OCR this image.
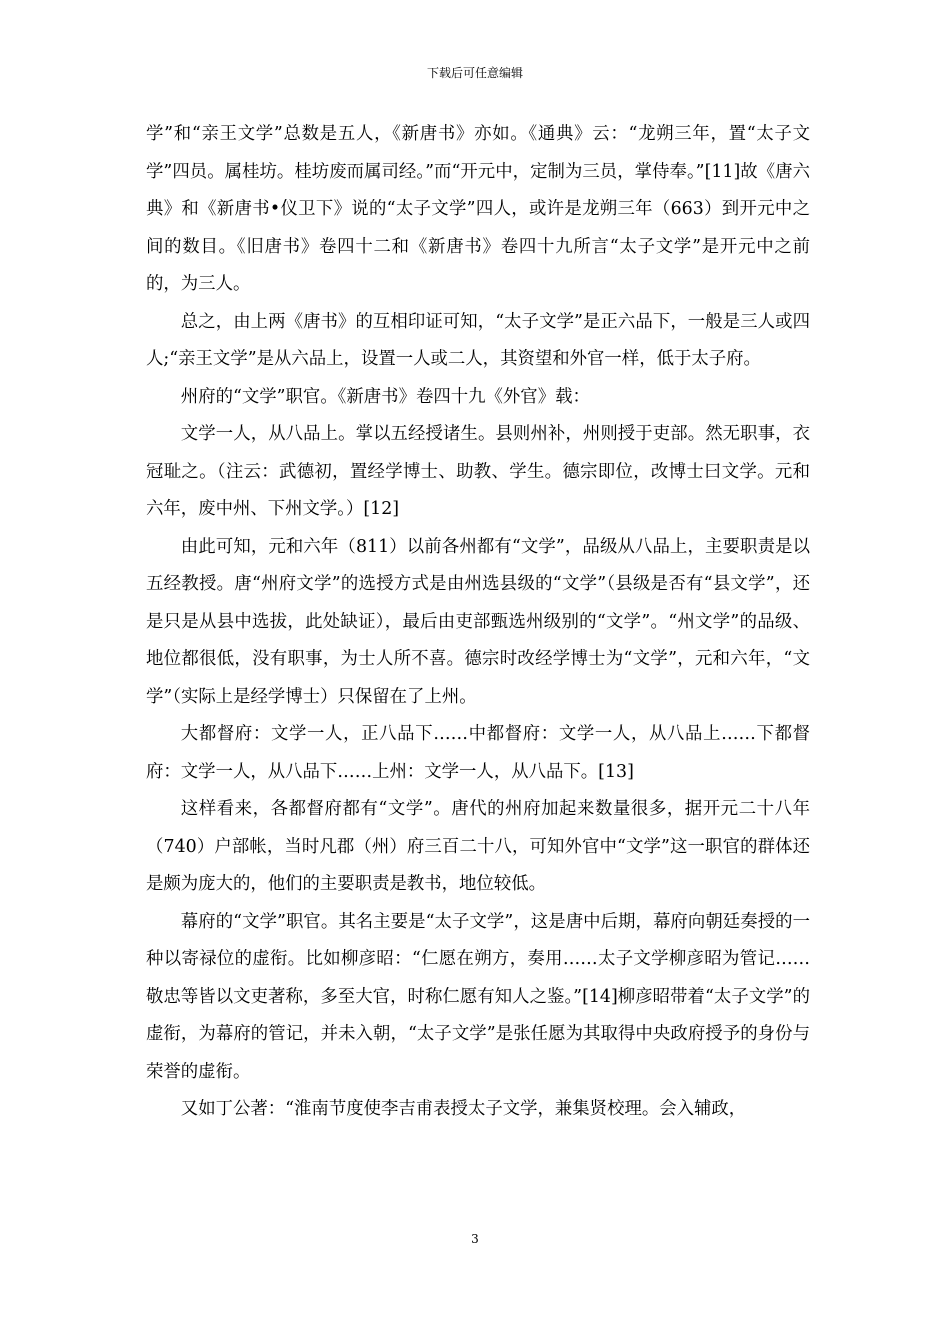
下载后可任意编辑

学”和“亲王文学”总数是五人，《新唐书》亦如。《通典》云：“龙朔三年，置“太子文学”四员。属桂坊。桂坊废而属司经。”而“开元中，定制为三员，掌侍奉。”[11]故《唐六典》和《新唐书•仪卫下》说的“太子文学”四人，或许是龙朔三年（663）到开元中之间的数目。《旧唐书》卷四十二和《新唐书》卷四十九所言“太子文学”是开元中之前的，为三人。

总之，由上两《唐书》的互相印证可知，“太子文学”是正六品下，一般是三人或四人;“亲王文学”是从六品上，设置一人或二人，其资望和外官一样，低于太子府。

州府的“文学”职官。《新唐书》卷四十九《外官》载：

文学一人，从八品上。掌以五经授诸生。县则州补，州则授于吏部。然无职事，衣冠耻之。（注云：武德初，置经学博士、助教、学生。德宗即位，改博士曰文学。元和六年，废中州、下州文学。）[12]

由此可知，元和六年（811）以前各州都有“文学”，品级从八品上，主要职责是以五经教授。唐“州府文学”的选授方式是由州选县级的“文学”（县级是否有“县文学”，还是只是从县中选拔，此处缺证），最后由吏部甄选州级别的“文学”。“州文学”的品级、地位都很低，没有职事，为士人所不喜。德宗时改经学博士为“文学”，元和六年，“文学”（实际上是经学博士）只保留在了上州。

大都督府：文学一人，正八品下……中都督府：文学一人，从八品上……下都督府：文学一人，从八品下……上州：文学一人，从八品下。[13]

这样看来，各都督府都有“文学”。唐代的州府加起来数量很多，据开元二十八年（740）户部帐，当时凡郡（州）府三百二十八，可知外官中“文学”这一职官的群体还是颇为庞大的，他们的主要职责是教书，地位较低。

幕府的“文学”职官。其名主要是“太子文学”，这是唐中后期，幕府向朝廷奏授的一种以寄禄位的虚衔。比如柳彦昭：“仁愿在朔方，奏用……太子文学柳彦昭为管记……敬忠等皆以文吏著称，多至大官，时称仁愿有知人之鉴。”[14]柳彦昭带着“太子文学”的虚衔，为幕府的管记，并未入朝，“太子文学”是张任愿为其取得中央政府授予的身份与荣誉的虚衔。

又如丁公著：“淮南节度使李吉甫表授太子文学，兼集贤校理。会入辅政，

3
